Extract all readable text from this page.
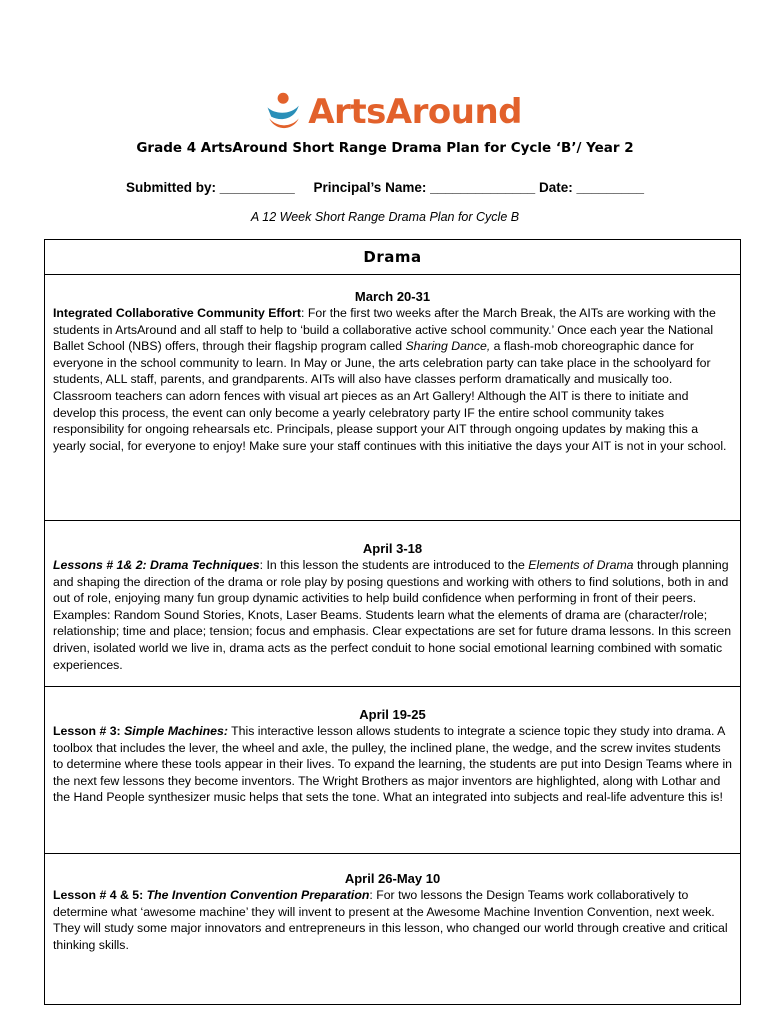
ArtsAround
Grade 4 ArtsAround Short Range Drama Plan for Cycle ‘B’/ Year 2
Submitted by: __________     Principal’s Name: ______________ Date: _________
A 12 Week Short Range Drama Plan for Cycle B
Drama
March 20-31
Integrated Collaborative Community Effort: For the first two weeks after the March Break, the AITs are working with the students in ArtsAround and all staff to help to ‘build a collaborative active school community.’ Once each year the National Ballet School (NBS) offers, through their flagship program called Sharing Dance, a flash-mob choreographic dance for everyone in the school community to learn. In May or June, the arts celebration party can take place in the schoolyard for students, ALL staff, parents, and grandparents. AITs will also have classes perform dramatically and musically too. Classroom teachers can adorn fences with visual art pieces as an Art Gallery! Although the AIT is there to initiate and develop this process, the event can only become a yearly celebratory party IF the entire school community takes responsibility for ongoing rehearsals etc. Principals, please support your AIT through ongoing updates by making this a yearly social, for everyone to enjoy! Make sure your staff continues with this initiative the days your AIT is not in your school.
April 3-18
Lessons # 1& 2: Drama Techniques: In this lesson the students are introduced to the Elements of Drama through planning and shaping the direction of the drama or role play by posing questions and working with others to find solutions, both in and out of role, enjoying many fun group dynamic activities to help build confidence when performing in front of their peers. Examples: Random Sound Stories, Knots, Laser Beams. Students learn what the elements of drama are (character/role; relationship; time and place; tension; focus and emphasis. Clear expectations are set for future drama lessons. In this screen driven, isolated world we live in, drama acts as the perfect conduit to hone social emotional learning combined with somatic experiences.
April 19-25
Lesson # 3: Simple Machines: This interactive lesson allows students to integrate a science topic they study into drama. A toolbox that includes the lever, the wheel and axle, the pulley, the inclined plane, the wedge, and the screw invites students to determine where these tools appear in their lives. To expand the learning, the students are put into Design Teams where in the next few lessons they become inventors. The Wright Brothers as major inventors are highlighted, along with Lothar and the Hand People synthesizer music helps that sets the tone. What an integrated into subjects and real-life adventure this is!
April 26-May 10
Lesson # 4 & 5: The Invention Convention Preparation: For two lessons the Design Teams work collaboratively to determine what ‘awesome machine’ they will invent to present at the Awesome Machine Invention Convention, next week. They will study some major innovators and entrepreneurs in this lesson, who changed our world through creative and critical thinking skills.
